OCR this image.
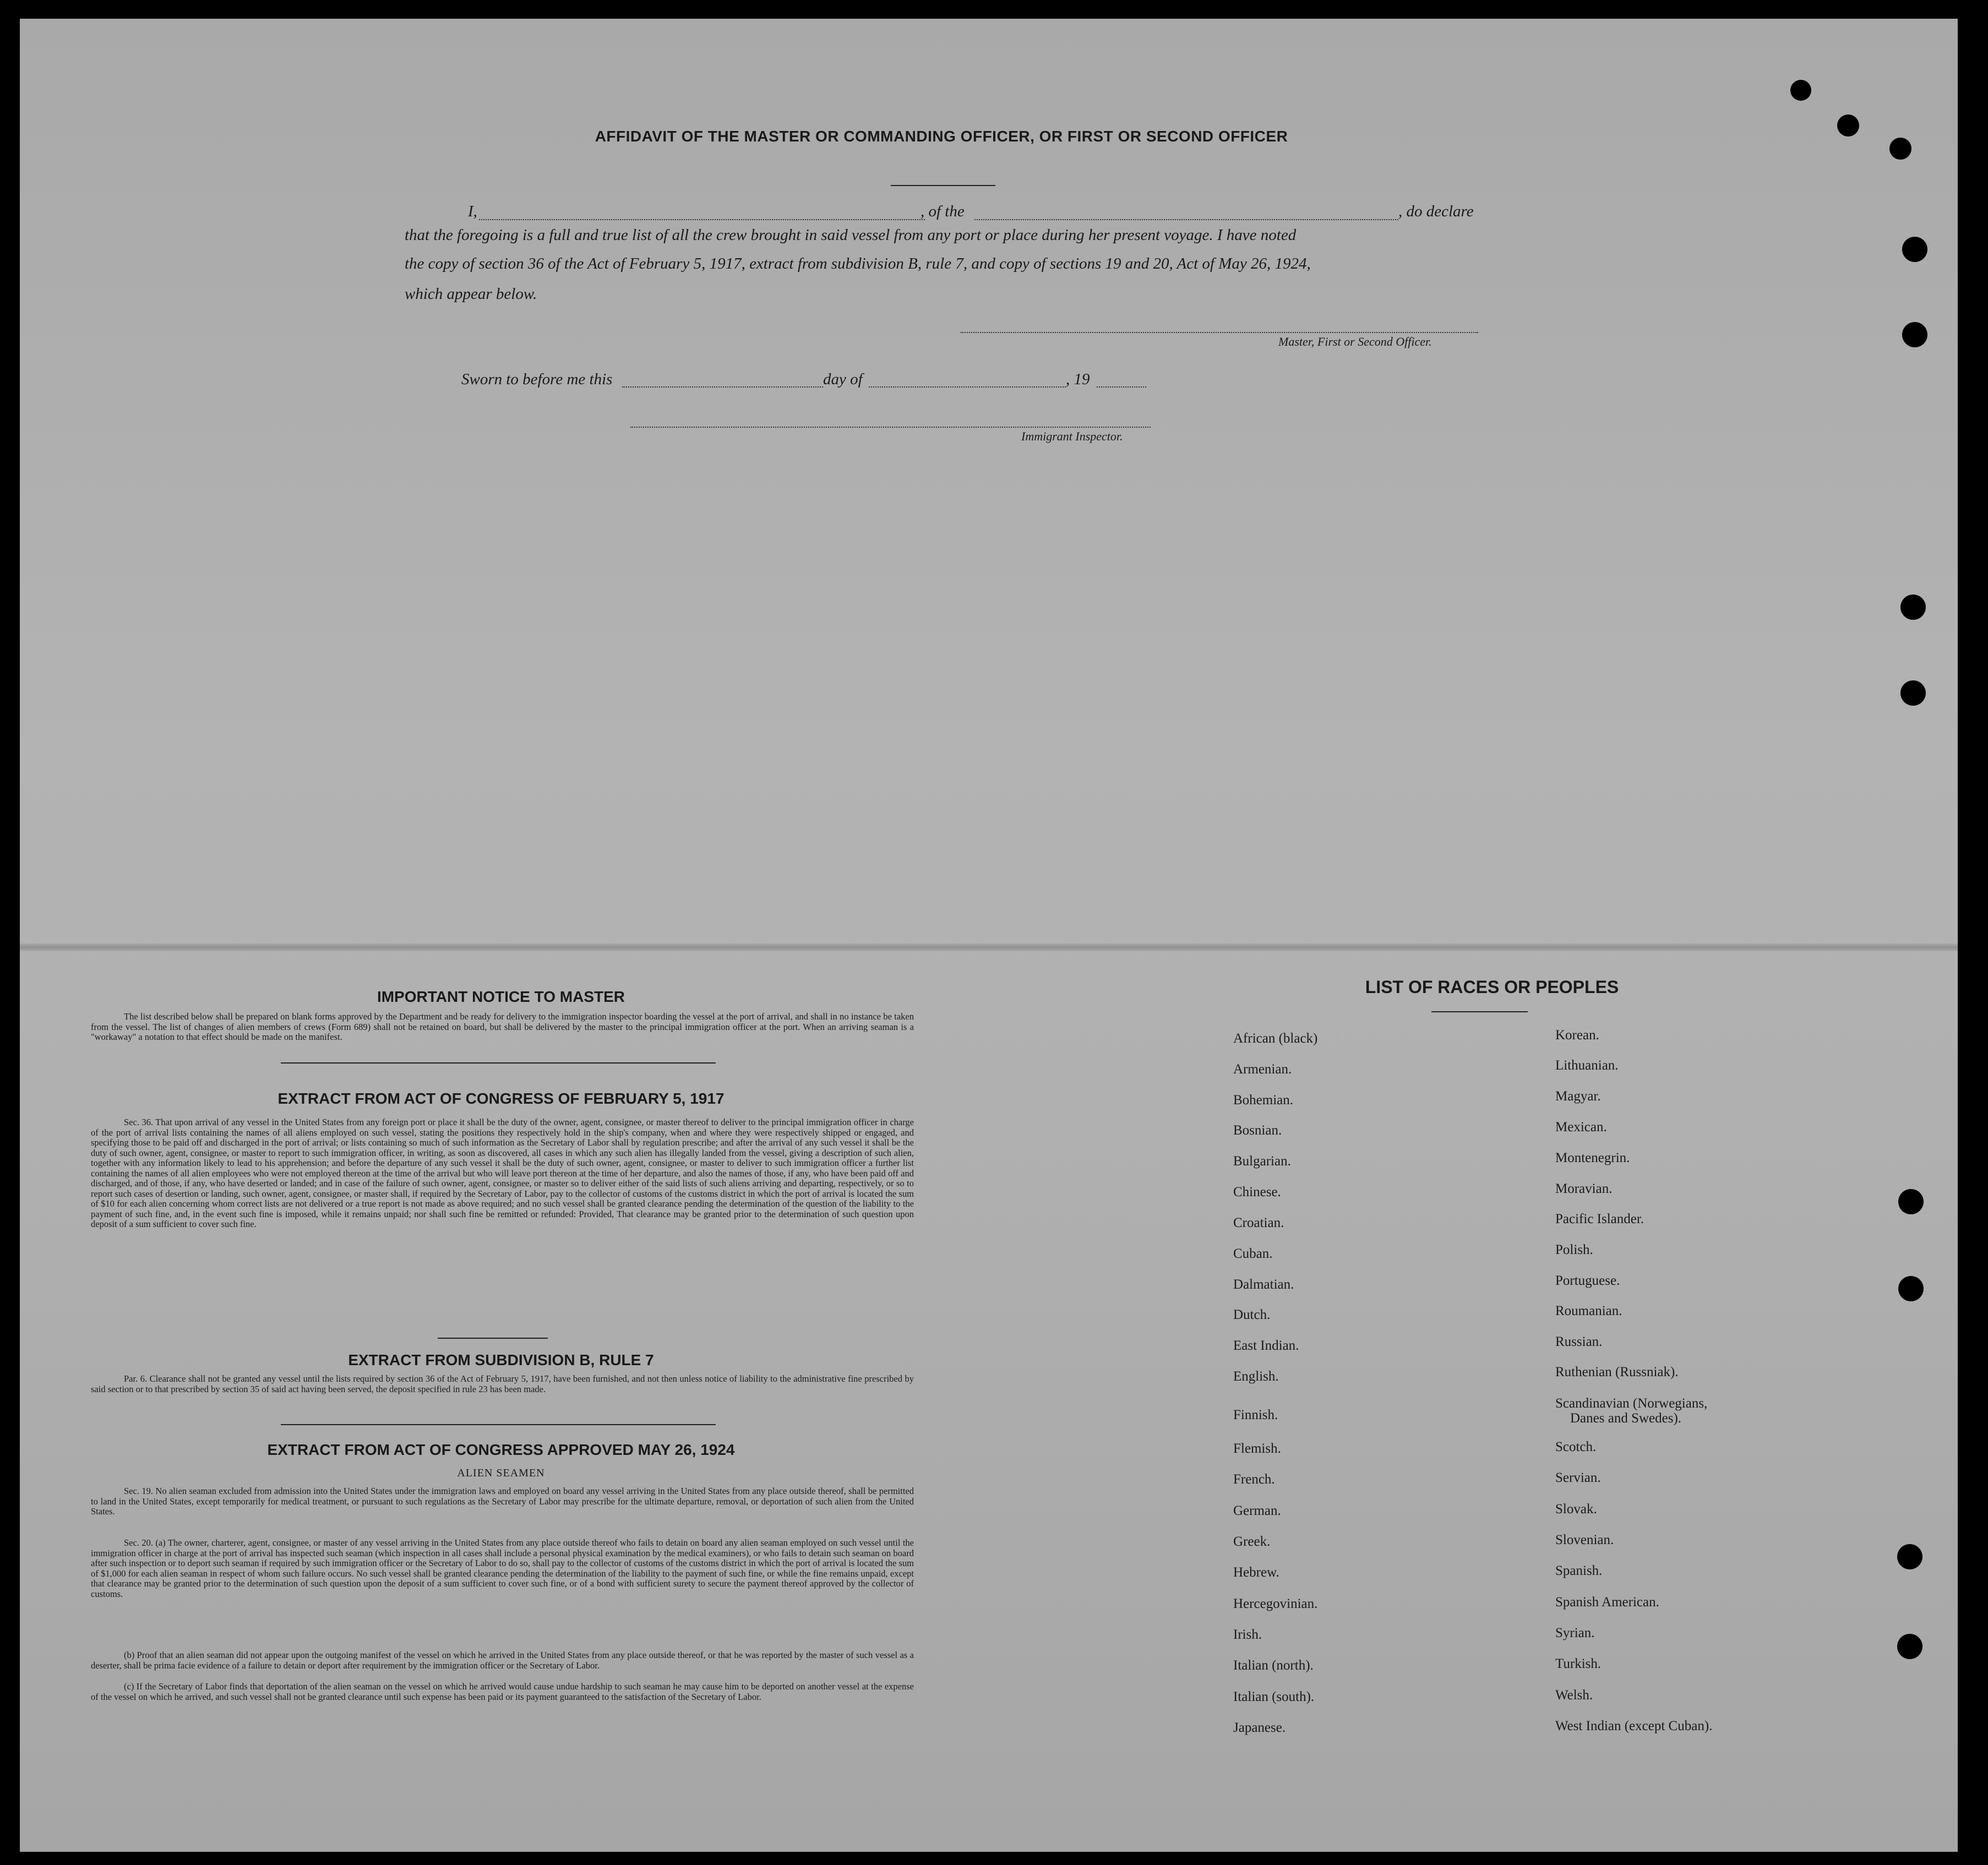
AFFIDAVIT OF THE MASTER OR COMMANDING OFFICER, OR FIRST OR SECOND OFFICER
I,	, of the	, do declare
that the foregoing is a full and true list of all the crew brought in said vessel from any port or place during her present voyage. I have noted
the copy of section 36 of the Act of February 5, 1917, extract from subdivision B, rule 7, and copy of sections 19 and 20, Act of May 26, 1924,
which appear below.
Master, First or Second Officer.
Sworn to before me this	day of	, 19
Immigrant Inspector.
IMPORTANT NOTICE TO MASTER
The list described below shall be prepared on blank forms approved by the Department and be ready for delivery to the immigration inspector boarding the vessel at the port of arrival, and shall in no instance be taken from the vessel. The list of changes of alien members of crews (Form 689) shall not be retained on board, but shall be delivered by the master to the principal immigration officer at the port. When an arriving seaman is a "workaway" a notation to that effect should be made on the manifest.
EXTRACT FROM ACT OF CONGRESS OF FEBRUARY 5, 1917
Sec. 36. That upon arrival of any vessel in the United States from any foreign port or place it shall be the duty of the owner, agent, consignee, or master thereof to deliver to the principal immigration officer in charge of the port of arrival lists containing the names of all aliens employed on such vessel, stating the positions they respectively hold in the ship's company, when and where they were respectively shipped or engaged, and specifying those to be paid off and discharged in the port of arrival; or lists containing so much of such information as the Secretary of Labor shall by regulation prescribe; and after the arrival of any such vessel it shall be the duty of such owner, agent, consignee, or master to report to such immigration officer, in writing, as soon as discovered, all cases in which any such alien has illegally landed from the vessel, giving a description of such alien, together with any information likely to lead to his apprehension; and before the departure of any such vessel it shall be the duty of such owner, agent, consignee, or master to deliver to such immigration officer a further list containing the names of all alien employees who were not employed thereon at the time of the arrival but who will leave port thereon at the time of her departure, and also the names of those, if any, who have been paid off and discharged, and of those, if any, who have deserted or landed; and in case of the failure of such owner, agent, consignee, or master so to deliver either of the said lists of such aliens arriving and departing, respectively, or so to report such cases of desertion or landing, such owner, agent, consignee, or master shall, if required by the Secretary of Labor, pay to the collector of customs of the customs district in which the port of arrival is located the sum of $10 for each alien concerning whom correct lists are not delivered or a true report is not made as above required; and no such vessel shall be granted clearance pending the determination of the question of the liability to the payment of such fine, and, in the event such fine is imposed, while it remains unpaid; nor shall such fine be remitted or refunded: Provided, That clearance may be granted prior to the determination of such question upon deposit of a sum sufficient to cover such fine.
EXTRACT FROM SUBDIVISION B, RULE 7
Par. 6. Clearance shall not be granted any vessel until the lists required by section 36 of the Act of February 5, 1917, have been furnished, and not then unless notice of liability to the administrative fine prescribed by said section or to that prescribed by section 35 of said act having been served, the deposit specified in rule 23 has been made.
EXTRACT FROM ACT OF CONGRESS APPROVED MAY 26, 1924
ALIEN SEAMEN
Sec. 19. No alien seaman excluded from admission into the United States under the immigration laws and employed on board any vessel arriving in the United States from any place outside thereof, shall be permitted to land in the United States, except temporarily for medical treatment, or pursuant to such regulations as the Secretary of Labor may prescribe for the ultimate departure, removal, or deportation of such alien from the United States.
Sec. 20. (a) The owner, charterer, agent, consignee, or master of any vessel arriving in the United States from any place outside thereof who fails to detain on board any alien seaman employed on such vessel until the immigration officer in charge at the port of arrival has inspected such seaman (which inspection in all cases shall include a personal physical examination by the medical examiners), or who fails to detain such seaman on board after such inspection or to deport such seaman if required by such immigration officer or the Secretary of Labor to do so, shall pay to the collector of customs of the customs district in which the port of arrival is located the sum of $1,000 for each alien seaman in respect of whom such failure occurs. No such vessel shall be granted clearance pending the determination of the liability to the payment of such fine, or while the fine remains unpaid, except that clearance may be granted prior to the determination of such question upon the deposit of a sum sufficient to cover such fine, or of a bond with sufficient surety to secure the payment thereof approved by the collector of customs.
(b) Proof that an alien seaman did not appear upon the outgoing manifest of the vessel on which he arrived in the United States from any place outside thereof, or that he was reported by the master of such vessel as a deserter, shall be prima facie evidence of a failure to detain or deport after requirement by the immigration officer or the Secretary of Labor.
(c) If the Secretary of Labor finds that deportation of the alien seaman on the vessel on which he arrived would cause undue hardship to such seaman he may cause him to be deported on another vessel at the expense of the vessel on which he arrived, and such vessel shall not be granted clearance until such expense has been paid or its payment guaranteed to the satisfaction of the Secretary of Labor.
LIST OF RACES OR PEOPLES
African (black)
Armenian.
Bohemian.
Bosnian.
Bulgarian.
Chinese.
Croatian.
Cuban.
Dalmatian.
Dutch.
East Indian.
English.
Finnish.
Flemish.
French.
German.
Greek.
Hebrew.
Hercegovinian.
Irish.
Italian (north).
Italian (south).
Japanese.
Korean.
Lithuanian.
Magyar.
Mexican.
Montenegrin.
Moravian.
Pacific Islander.
Polish.
Portuguese.
Roumanian.
Russian.
Ruthenian (Russniak).
Scandinavian (Norwegians,
Danes and Swedes).
Scotch.
Servian.
Slovak.
Slovenian.
Spanish.
Spanish American.
Syrian.
Turkish.
Welsh.
West Indian (except Cuban).
